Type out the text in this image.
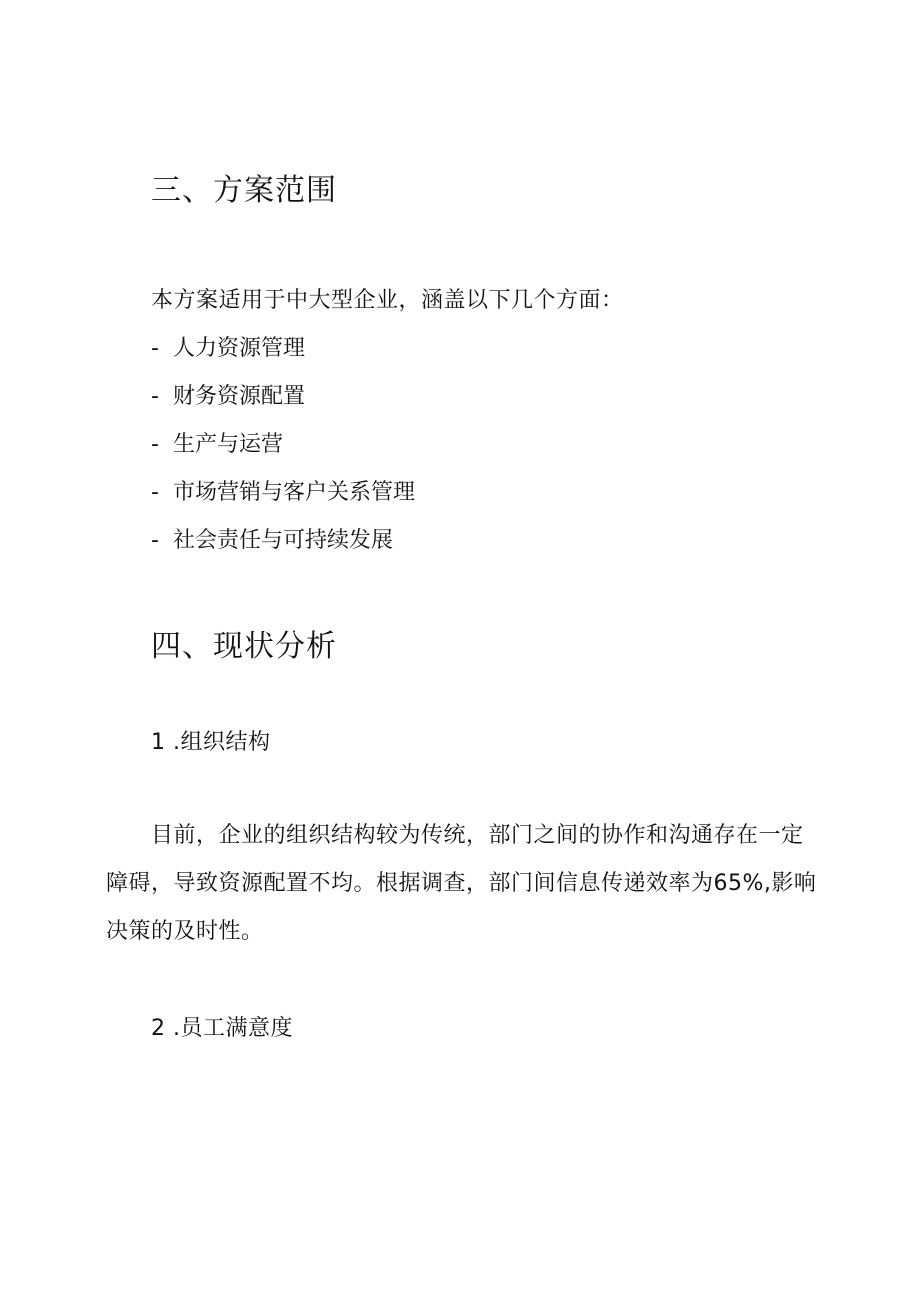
三、方案范围
本方案适用于中大型企业，涵盖以下几个方面：
- 人力资源管理
- 财务资源配置
- 生产与运营
- 市场营销与客户关系管理
- 社会责任与可持续发展
四、现状分析
1 .组织结构
目前，企业的组织结构较为传统，部门之间的协作和沟通存在一定
障碍，导致资源配置不均。根据调查，部门间信息传递效率为65%,影响
决策的及时性。
2 .员工满意度
